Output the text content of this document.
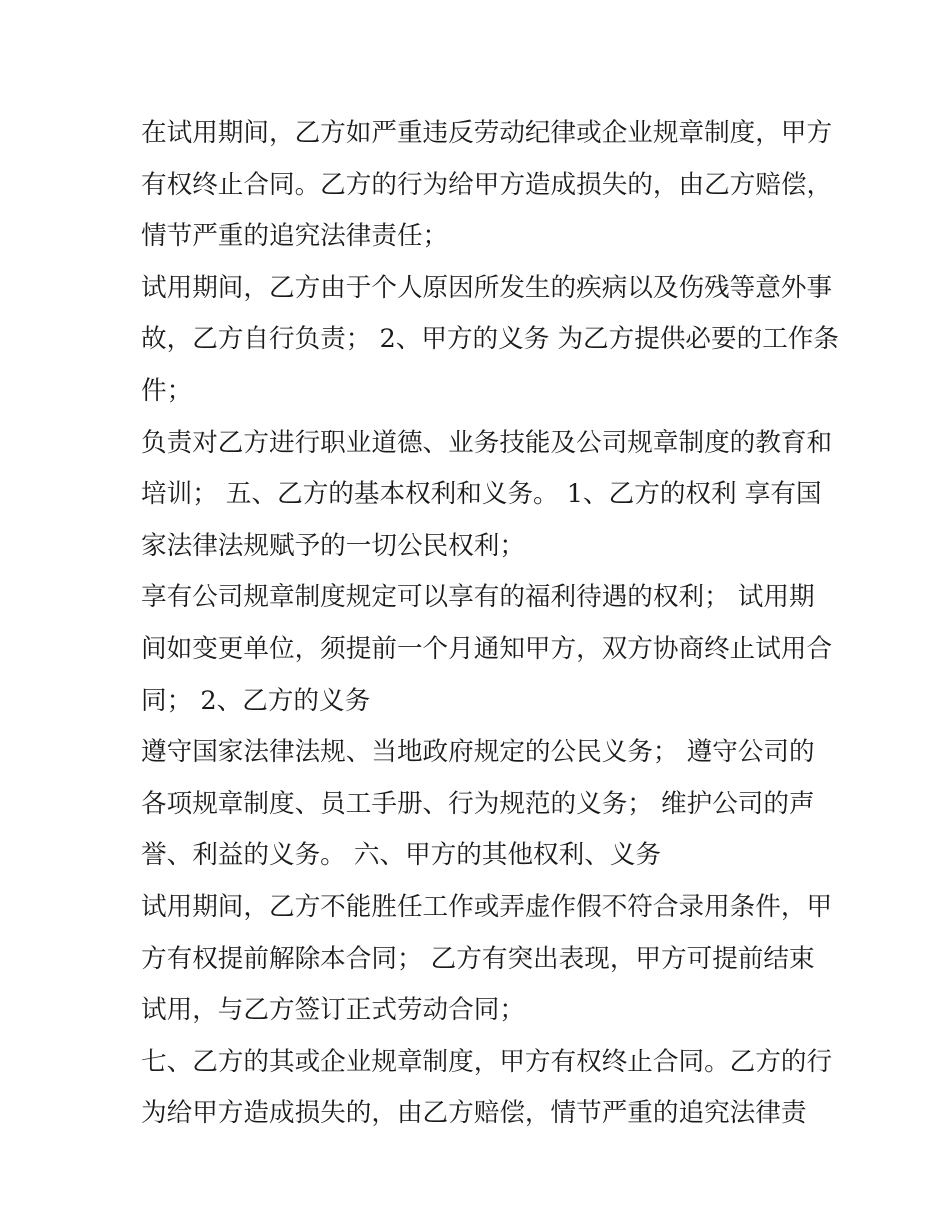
在试用期间，乙方如严重违反劳动纪律或企业规章制度，甲方
有权终止合同。乙方的行为给甲方造成损失的，由乙方赔偿，
情节严重的追究法律责任；
试用期间，乙方由于个人原因所发生的疾病以及伤残等意外事
故，乙方自行负责； 2、甲方的义务 为乙方提供必要的工作条
件；
负责对乙方进行职业道德、业务技能及公司规章制度的教育和
培训； 五、乙方的基本权利和义务。 1、乙方的权利 享有国
家法律法规赋予的一切公民权利；
享有公司规章制度规定可以享有的福利待遇的权利； 试用期
间如变更单位，须提前一个月通知甲方，双方协商终止试用合
同； 2、乙方的义务
遵守国家法律法规、当地政府规定的公民义务； 遵守公司的
各项规章制度、员工手册、行为规范的义务； 维护公司的声
誉、利益的义务。 六、甲方的其他权利、义务
试用期间，乙方不能胜任工作或弄虚作假不符合录用条件，甲
方有权提前解除本合同； 乙方有突出表现，甲方可提前结束
试用，与乙方签订正式劳动合同；
七、乙方的其或企业规章制度，甲方有权终止合同。乙方的行
为给甲方造成损失的，由乙方赔偿，情节严重的追究法律责
